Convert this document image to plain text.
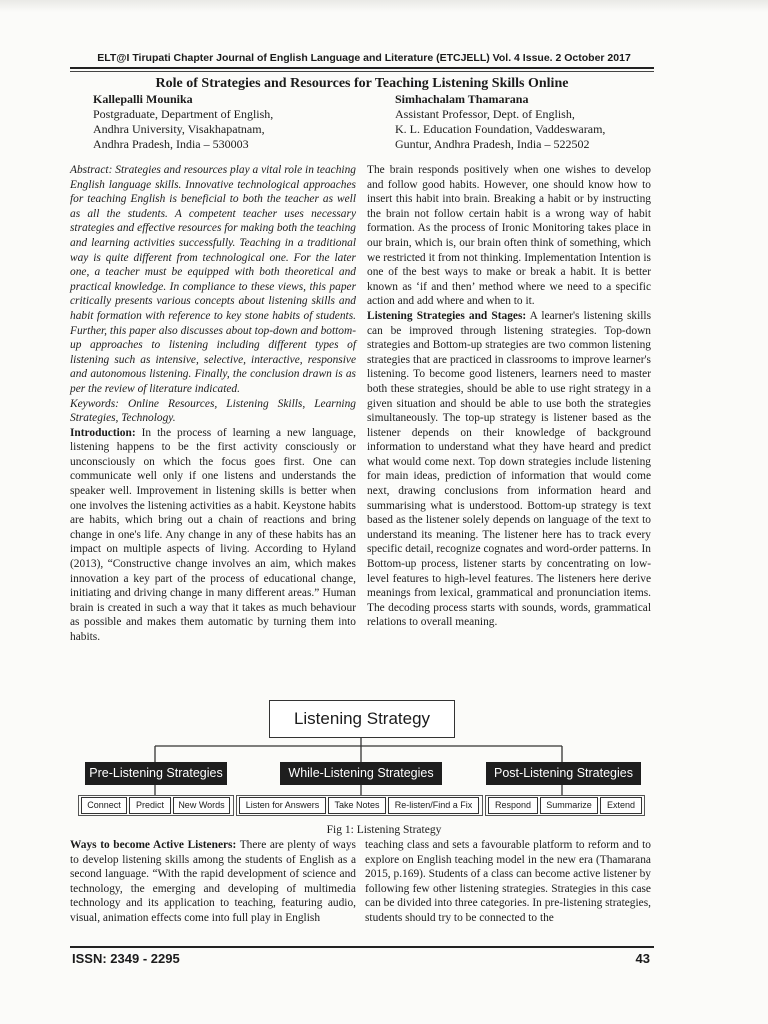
ELT@I Tirupati Chapter Journal of English Language and Literature (ETCJELL) Vol. 4 Issue. 2 October 2017
Role of Strategies and Resources for Teaching Listening Skills Online
Kallepalli Mounika
Postgraduate, Department of English,
Andhra University, Visakhapatnam,
Andhra Pradesh, India – 530003
Simhachalam Thamarana
Assistant Professor, Dept. of English,
K. L. Education Foundation, Vaddeswaram,
Guntur, Andhra Pradesh, India – 522502

Abstract: Strategies and resources play a vital role in teaching English language skills. Innovative technological approaches for teaching English is beneficial to both the teacher as well as all the students. A competent teacher uses necessary strategies and effective resources for making both the teaching and learning activities successfully. Teaching in a traditional way is quite different from technological one. For the later one, a teacher must be equipped with both theoretical and practical knowledge. In compliance to these views, this paper critically presents various concepts about listening skills and habit formation with reference to key stone habits of students. Further, this paper also discusses about top-down and bottom-up approaches to listening including different types of listening such as intensive, selective, interactive, responsive and autonomous listening. Finally, the conclusion drawn is as per the review of literature indicated.

Keywords: Online Resources, Listening Skills, Learning Strategies, Technology.

Introduction: In the process of learning a new language, listening happens to be the first activity consciously or unconsciously on which the focus goes first. One can communicate well only if one listens and understands the speaker well. Improvement in listening skills is better when one involves the listening activities as a habit. Keystone habits are habits, which bring out a chain of reactions and bring change in one's life. Any change in any of these habits has an impact on multiple aspects of living. According to Hyland (2013), “Constructive change involves an aim, which makes innovation a key part of the process of educational change, initiating and driving change in many different areas.” Human brain is created in such a way that it takes as much behaviour as possible and makes them automatic by turning them into habits.

The brain responds positively when one wishes to develop and follow good habits. However, one should know how to insert this habit into brain. Breaking a habit or by instructing the brain not follow certain habit is a wrong way of habit formation. As the process of Ironic Monitoring takes place in our brain, which is, our brain often think of something, which we restricted it from not thinking. Implementation Intention is one of the best ways to make or break a habit. It is better known as ‘if and then’ method where we need to a specific action and add where and when to it.

Listening Strategies and Stages: A learner's listening skills can be improved through listening strategies. Top-down strategies and Bottom-up strategies are two common listening strategies that are practiced in classrooms to improve learner's listening. To become good listeners, learners need to master both these strategies, should be able to use right strategy in a given situation and should be able to use both the strategies simultaneously. The top-up strategy is listener based as the listener depends on their knowledge of background information to understand what they have heard and predict what would come next. Top down strategies include listening for main ideas, prediction of information that would come next, drawing conclusions from information heard and summarising what is understood. Bottom-up strategy is text based as the listener solely depends on language of the text to understand its meaning. The listener here has to track every specific detail, recognize cognates and word-order patterns. In Bottom-up process, listener starts by concentrating on low-level features to high-level features. The listeners here derive meanings from lexical, grammatical and pronunciation items. The decoding process starts with sounds, words, grammatical relations to overall meaning.

Listening Strategy
Pre-Listening Strategies	While-Listening Strategies	Post-Listening Strategies
Connect	Predict	New Words	Listen for Answers	Take Notes	Re-listen/Find a Fix	Respond	Summarize	Extend
Fig 1: Listening Strategy

Ways to become Active Listeners: There are plenty of ways to develop listening skills among the students of English as a second language. “With the rapid development of science and technology, the emerging and developing of multimedia technology and its application to teaching, featuring audio, visual, animation effects come into full play in English

teaching class and sets a favourable platform to reform and to explore on English teaching model in the new era (Thamarana 2015, p.169). Students of a class can become active listener by following few other listening strategies. Strategies in this case can be divided into three categories. In pre-listening strategies, students should try to be connected to the

ISSN: 2349 - 2295	43
